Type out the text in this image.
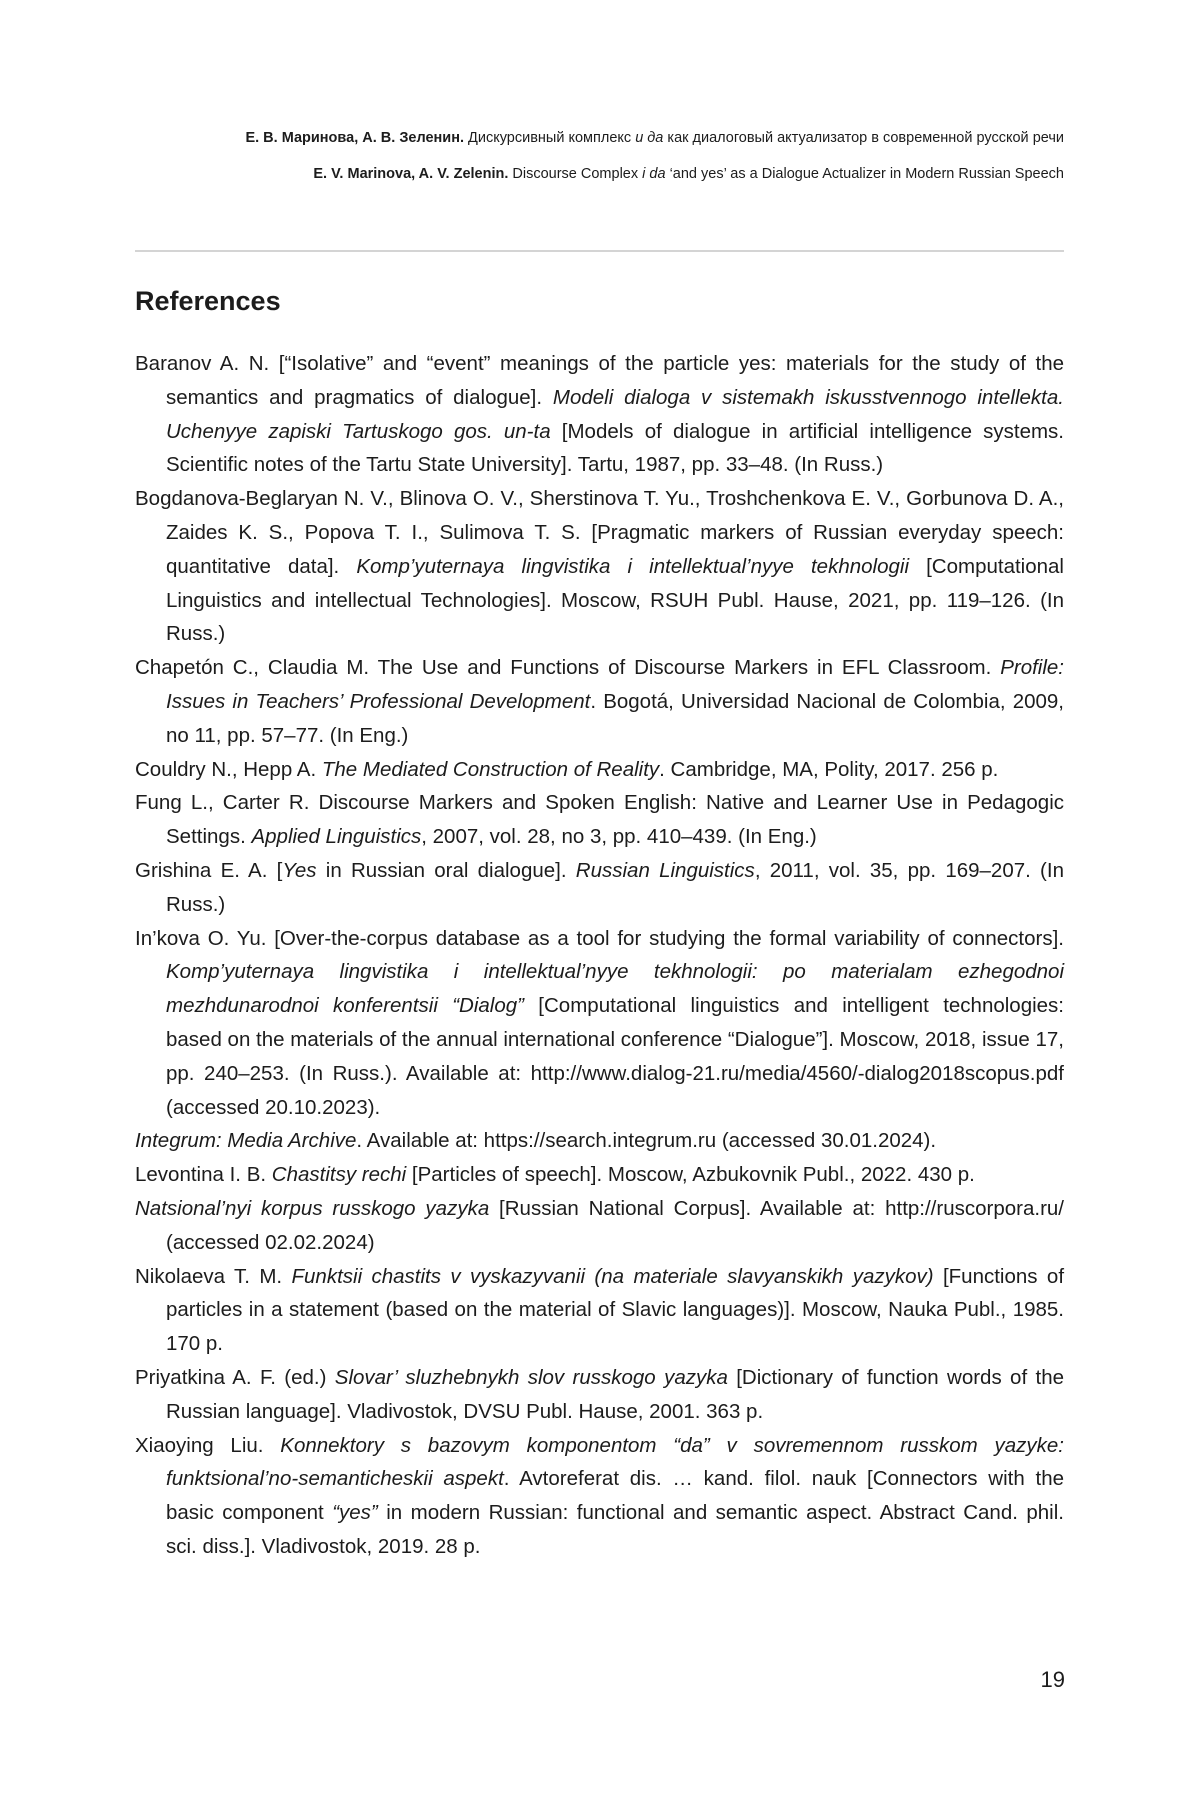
Е. В. Маринова, А. В. Зеленин. Дискурсивный комплекс и да как диалоговый актуализатор в современной русской речи
E. V. Marinova, A. V. Zelenin. Discourse Complex i da ‘and yes’ as a Dialogue Actualizer in Modern Russian Speech
References
Baranov A. N. [“Isolative” and “event” meanings of the particle yes: materials for the study of the semantics and pragmatics of dialogue]. Modeli dialoga v sistemakh iskusstvennogo intellekta. Uchenyye zapiski Tartuskogo gos. un-ta [Models of dialogue in artificial intelligence systems. Scientific notes of the Tartu State University]. Tartu, 1987, pp. 33–48. (In Russ.)
Bogdanova-Beglaryan N. V., Blinova O. V., Sherstinova T. Yu., Troshchenkova E. V., Gorbunova D. A., Zaides K. S., Popova T. I., Sulimova T. S. [Pragmatic markers of Russian everyday speech: quantitative data]. Komp’yuternaya lingvistika i intellektual’nyye tekhnologii [Computational Linguistics and intellectual Technologies]. Moscow, RSUH Publ. Hause, 2021, pp. 119–126. (In Russ.)
Chapetón C., Claudia M. The Use and Functions of Discourse Markers in EFL Classroom. Profile: Issues in Teachers’ Professional Development. Bogotá, Universidad Nacional de Colombia, 2009, no 11, pp. 57–77. (In Eng.)
Couldry N., Hepp A. The Mediated Construction of Reality. Cambridge, MA, Polity, 2017. 256 p.
Fung L., Carter R. Discourse Markers and Spoken English: Native and Learner Use in Pedagogic Settings. Applied Linguistics, 2007, vol. 28, no 3, pp. 410–439. (In Eng.)
Grishina E. A. [Yes in Russian oral dialogue]. Russian Linguistics, 2011, vol. 35, pp. 169–207. (In Russ.)
In’kova O. Yu. [Over-the-corpus database as a tool for studying the formal variability of connectors]. Komp’yuternaya lingvistika i intellektual’nyye tekhnologii: po materialam ezhegodnoi mezhdunarodnoi konferentsii “Dialog” [Computational linguistics and intelligent technologies: based on the materials of the annual international conference “Dialogue”]. Moscow, 2018, issue 17, pp. 240–253. (In Russ.). Available at: http://www.dialog-21.ru/media/4560/-dialog2018scopus.pdf (accessed 20.10.2023).
Integrum: Media Archive. Available at: https://search.integrum.ru (accessed 30.01.2024).
Levontina I. B. Chastitsy rechi [Particles of speech]. Moscow, Azbukovnik Publ., 2022. 430 p.
Natsional’nyi korpus russkogo yazyka [Russian National Corpus]. Available at: http://ruscorpora.ru/ (accessed 02.02.2024)
Nikolaeva T. M. Funktsii chastits v vyskazyvanii (na materiale slavyanskikh yazykov) [Functions of particles in a statement (based on the material of Slavic languages)]. Moscow, Nauka Publ., 1985. 170 p.
Priyatkina A. F. (ed.) Slovar’ sluzhebnykh slov russkogo yazyka [Dictionary of function words of the Russian language]. Vladivostok, DVSU Publ. Hause, 2001. 363 p.
Xiaoying Liu. Konnektory s bazovym komponentom “da” v sovremennom russkom yazyke: funktsional’no-semanticheskii aspekt. Avtoreferat dis. … kand. filol. nauk [Connectors with the basic component “yes” in modern Russian: functional and semantic aspect. Abstract Cand. phil. sci. diss.]. Vladivostok, 2019. 28 p.
19
